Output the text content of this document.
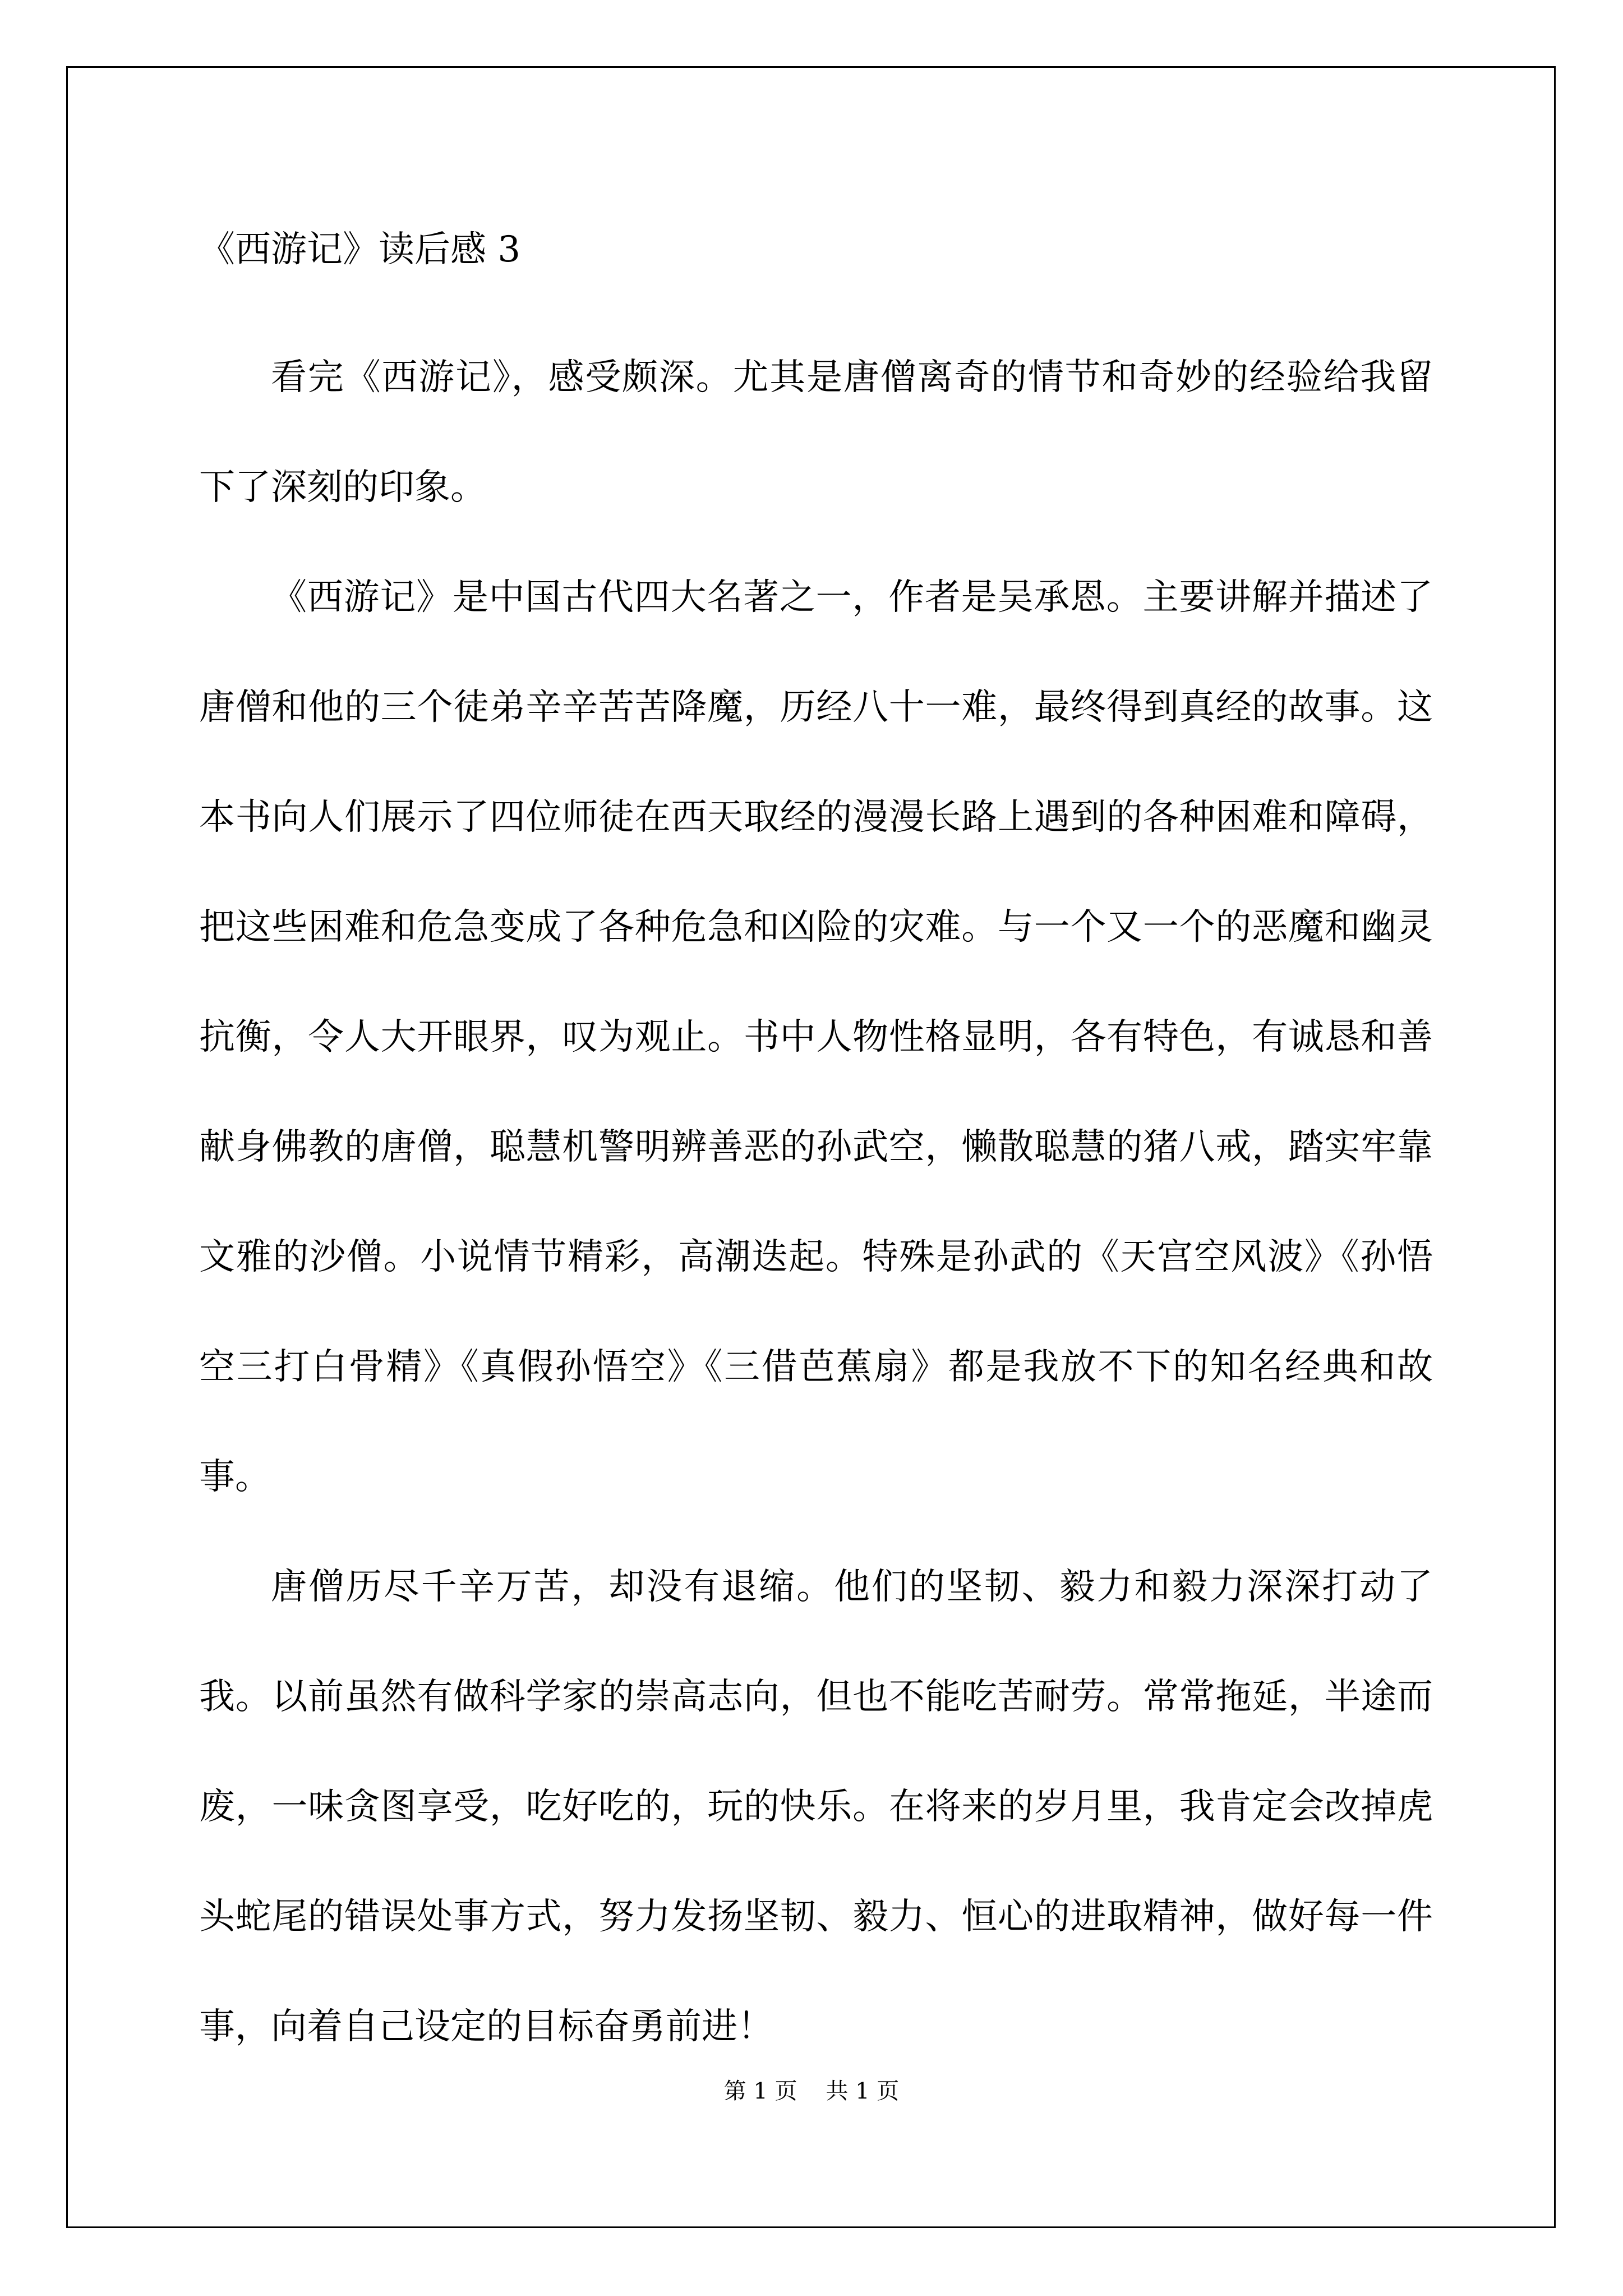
《西游记》读后感 3

看完《西游记》，感受颇深。尤其是唐僧离奇的情节和奇妙的经验给我留下了深刻的印象。

《西游记》是中国古代四大名著之一，作者是吴承恩。主要讲解并描述了唐僧和他的三个徒弟辛辛苦苦降魔，历经八十一难，最终得到真经的故事。这本书向人们展示了四位师徒在西天取经的漫漫长路上遇到的各种困难和障碍，把这些困难和危急变成了各种危急和凶险的灾难。与一个又一个的恶魔和幽灵抗衡，令人大开眼界，叹为观止。书中人物性格显明，各有特色，有诚恳和善献身佛教的唐僧，聪慧机警明辨善恶的孙武空，懒散聪慧的猪八戒，踏实牢靠文雅的沙僧。小说情节精彩，高潮迭起。特殊是孙武的《天宫空风波》《孙悟空三打白骨精》《真假孙悟空》《三借芭蕉扇》都是我放不下的知名经典和故事。

唐僧历尽千辛万苦，却没有退缩。他们的坚韧、毅力和毅力深深打动了我。以前虽然有做科学家的崇高志向，但也不能吃苦耐劳。常常拖延，半途而废，一味贪图享受，吃好吃的，玩的快乐。在将来的岁月里，我肯定会改掉虎头蛇尾的错误处事方式，努力发扬坚韧、毅力、恒心的进取精神，做好每一件事，向着自己设定的目标奋勇前进！

第 1 页    共 1 页
